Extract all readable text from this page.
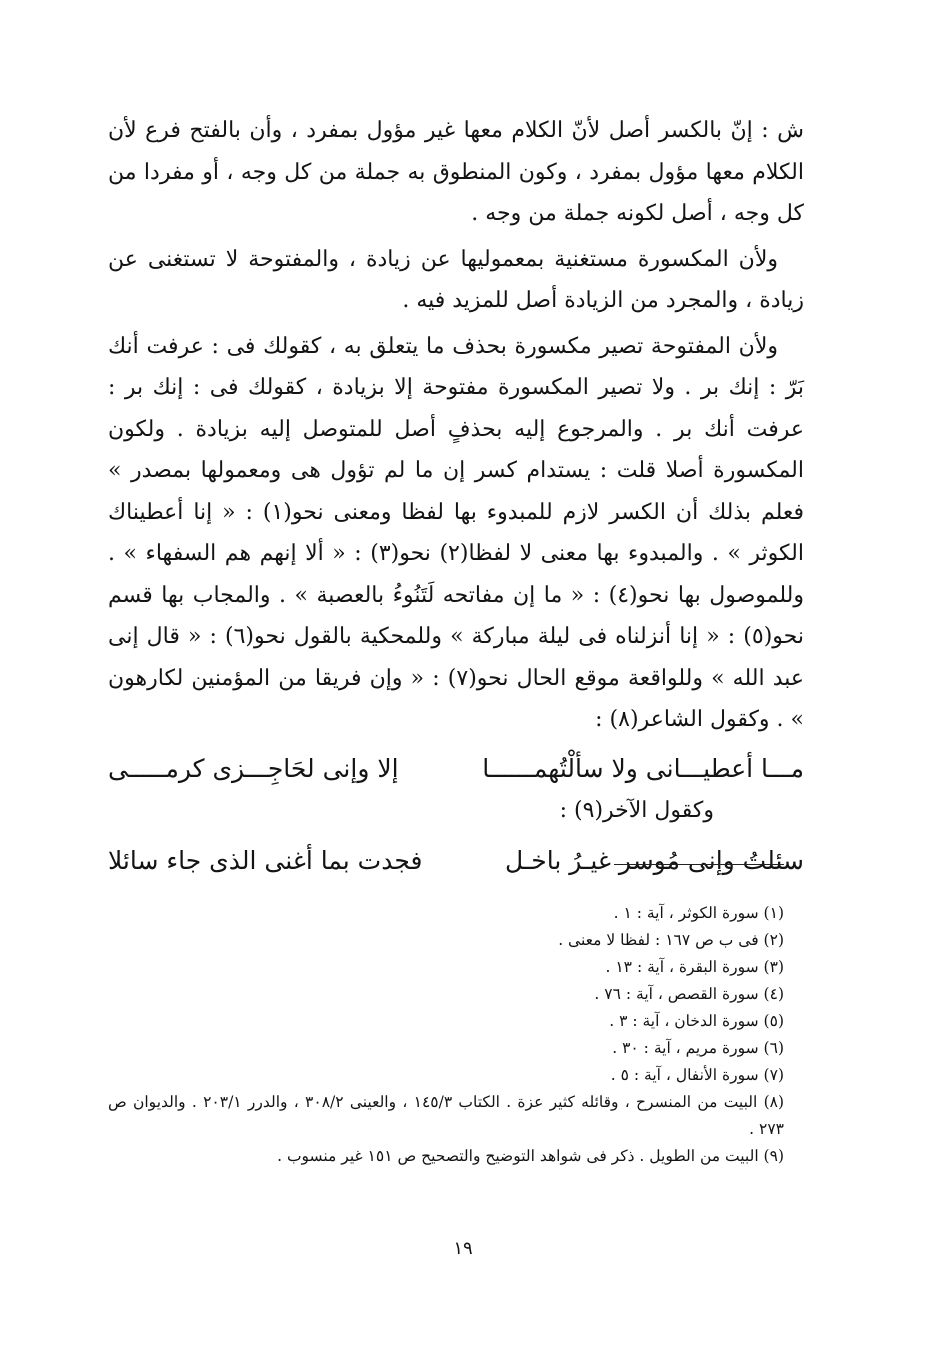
ش : إنّ بالكسر أصل لأنّ الكلام معها غير مؤول بمفرد ، وأن بالفتح فرع لأن الكلام معها مؤول بمفرد ، وكون المنطوق به جملة من كل وجه ، أو مفردا من كل وجه ، أصل لكونه جملة من وجه .

ولأن المكسورة مستغنية بمعموليها عن زيادة ، والمفتوحة لا تستغنى عن زيادة ، والمجرد من الزيادة أصل للمزيد فيه .

ولأن المفتوحة تصير مكسورة بحذف ما يتعلق به ، كقولك فى : عرفت أنك بَرّ : إنك بر . ولا تصير المكسورة مفتوحة إلا بزيادة ، كقولك فى : إنك بر : عرفت أنك بر . والمرجوع إليه بحذفٍ أصل للمتوصل إليه بزيادة . ولكون المكسورة أصلا قلت : يستدام كسر إن ما لم تؤول هى ومعمولها بمصدر » فعلم بذلك أن الكسر لازم للمبدوء بها لفظا ومعنى نحو(١) : « إنا أعطيناك الكوثر » . والمبدوء بها معنى لا لفظا(٢) نحو(٣) : « ألا إنهم هم السفهاء » . وللموصول بها نحو(٤) : « ما إن مفاتحه لَتَنُوءُ بالعصبة » . والمجاب بها قسم نحو(٥) : « إنا أنزلناه فى ليلة مباركة » وللمحكية بالقول نحو(٦) : « قال إنى عبد الله » وللواقعة موقع الحال نحو(٧) : « وإن فريقا من المؤمنين لكارهون » . وكقول الشاعر(٨) :

مـــا أعطيـــانى ولا سألْتُهمــــــا
إلا وإنى لحَاجِـــزى كرمـــــى

وكقول الآخر(٩) :

سئلتُ وإنى مُوسر غيـرُ باخـل
فجدت بما أغنى الذى جاء سائلا

(١) سورة الكوثر ، آية : ١ .

(٢) فى ب ص ١٦٧ : لفظا لا معنى .

(٣) سورة البقرة ، آية : ١٣ .

(٤) سورة القصص ، آية : ٧٦ .

(٥) سورة الدخان ، آية : ٣ .

(٦) سورة مريم ، آية : ٣٠ .

(٧) سورة الأنفال ، آية : ٥ .

(٨) البيت من المنسرح ، وقائله كثير عزة . الكتاب ١٤٥/٣ ، والعينى ٣٠٨/٢ ، والدرر ٢٠٣/١ . والديوان ص ٢٧٣ .

(٩) البيت من الطويل . ذكر فى شواهد التوضيح والتصحيح ص ١٥١ غير منسوب .

١٩
